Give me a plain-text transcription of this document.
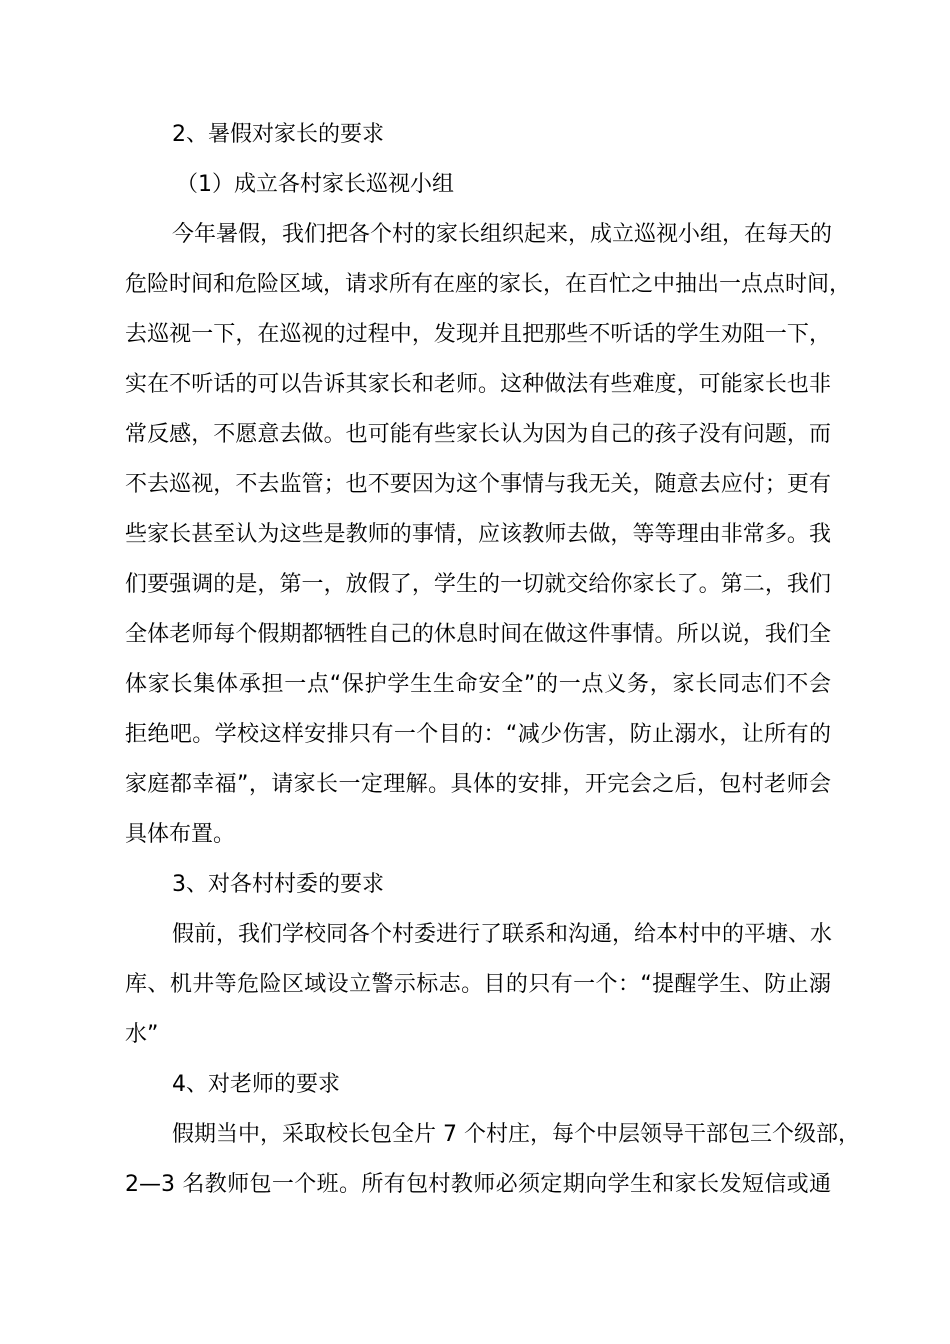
2、暑假对家长的要求
（1）成立各村家长巡视小组
今年暑假，我们把各个村的家长组织起来，成立巡视小组，在每天的
危险时间和危险区域，请求所有在座的家长，在百忙之中抽出一点点时间，
去巡视一下，在巡视的过程中，发现并且把那些不听话的学生劝阻一下，
实在不听话的可以告诉其家长和老师。这种做法有些难度，可能家长也非
常反感，不愿意去做。也可能有些家长认为因为自己的孩子没有问题，而
不去巡视，不去监管；也不要因为这个事情与我无关，随意去应付；更有
些家长甚至认为这些是教师的事情，应该教师去做，等等理由非常多。我
们要强调的是，第一，放假了，学生的一切就交给你家长了。第二，我们
全体老师每个假期都牺牲自己的休息时间在做这件事情。所以说，我们全
体家长集体承担一点“保护学生生命安全”的一点义务，家长同志们不会
拒绝吧。学校这样安排只有一个目的：“减少伤害，防止溺水，让所有的
家庭都幸福”，请家长一定理解。具体的安排，开完会之后，包村老师会
具体布置。
3、对各村村委的要求
假前，我们学校同各个村委进行了联系和沟通，给本村中的平塘、水
库、机井等危险区域设立警示标志。目的只有一个：“提醒学生、防止溺
水”
4、对老师的要求
假期当中，采取校长包全片 7 个村庄，每个中层领导干部包三个级部，
2—3 名教师包一个班。所有包村教师必须定期向学生和家长发短信或通
